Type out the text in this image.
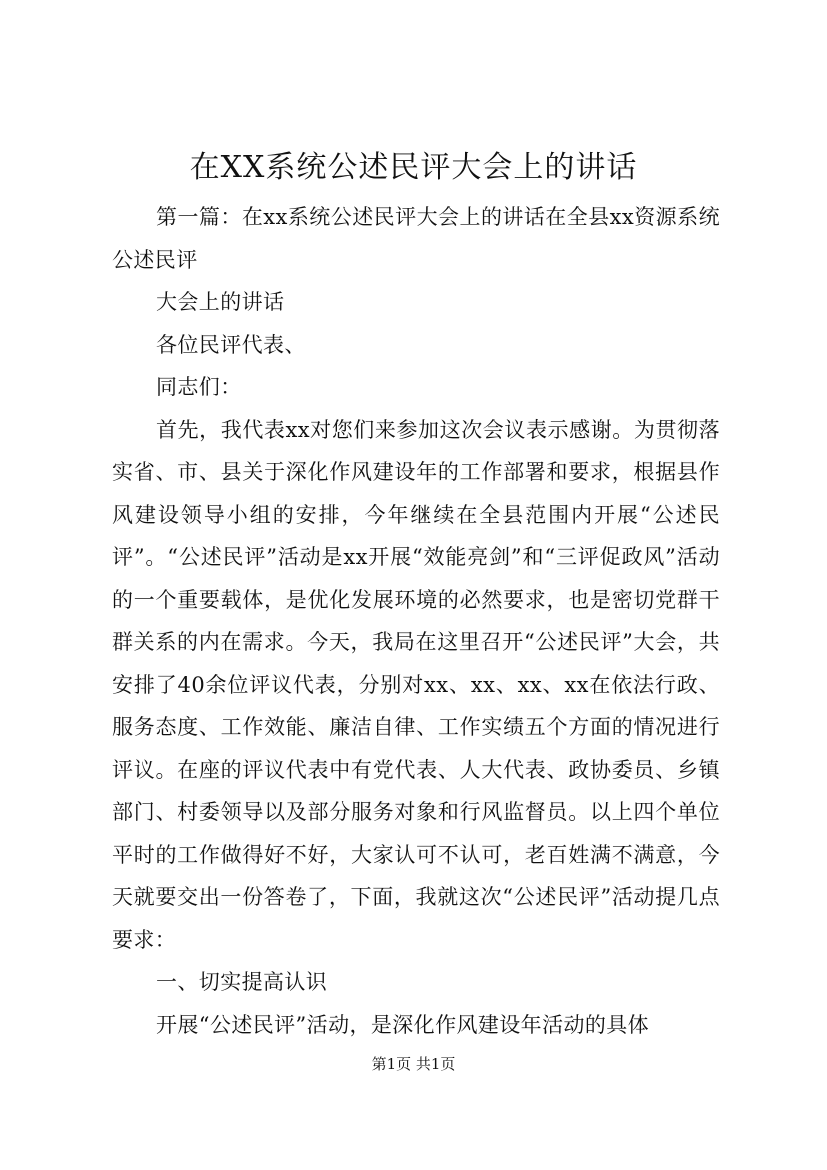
在XX系统公述民评大会上的讲话

第一篇：在xx系统公述民评大会上的讲话在全县xx资源系统公述民评

大会上的讲话

各位民评代表、

同志们：

首先，我代表xx对您们来参加这次会议表示感谢。为贯彻落实省、市、县关于深化作风建设年的工作部署和要求，根据县作风建设领导小组的安排，今年继续在全县范围内开展“公述民评”。“公述民评”活动是xx开展“效能亮剑”和“三评促政风”活动的一个重要载体，是优化发展环境的必然要求，也是密切党群干群关系的内在需求。今天，我局在这里召开“公述民评”大会，共安排了40余位评议代表，分别对xx、xx、xx、xx在依法行政、服务态度、工作效能、廉洁自律、工作实绩五个方面的情况进行评议。在座的评议代表中有党代表、人大代表、政协委员、乡镇部门、村委领导以及部分服务对象和行风监督员。以上四个单位平时的工作做得好不好，大家认可不认可，老百姓满不满意，今天就要交出一份答卷了，下面，我就这次“公述民评”活动提几点要求：

一、切实提高认识

开展“公述民评”活动，是深化作风建设年活动的具体

第1页 共1页
